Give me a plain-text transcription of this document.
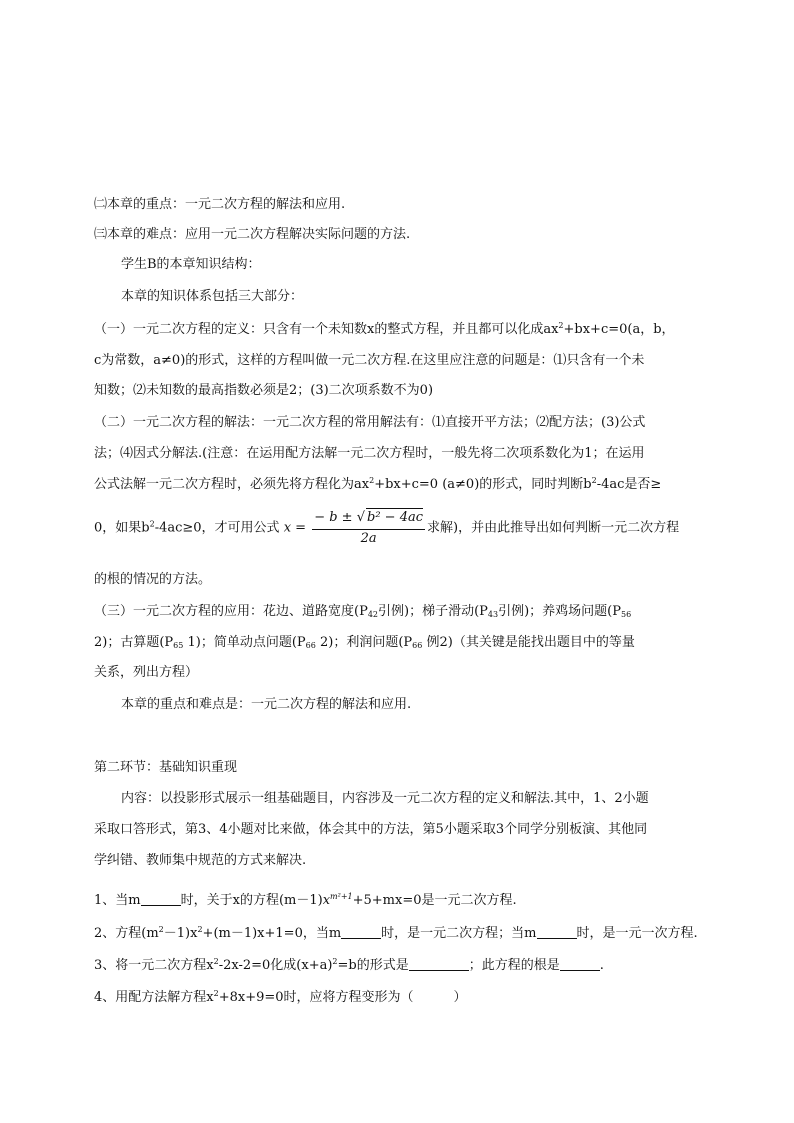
㈡本章的重点：一元二次方程的解法和应用.
㈢本章的难点：应用一元二次方程解决实际问题的方法.
学生B的本章知识结构：
本章的知识体系包括三大部分：
（一）一元二次方程的定义：只含有一个未知数x的整式方程，并且都可以化成$ax^2+bx+c=0(a$，b，
c为常数，a≠0)的形式，这样的方程叫做一元二次方程.在这里应注意的问题是：⑴只含有一个未
知数；⑵未知数的最高指数必须是2；(3)二次项系数不为0)
（二）一元二次方程的解法：一元二次方程的常用解法有：⑴直接开平方法；⑵配方法；(3)公式
法；⑷因式分解法.(注意：在运用配方法解一元二次方程时，一般先将二次项系数化为1；在运用
公式法解一元二次方程时，必须先将方程化为$ax^2+bx+c=0$ (a≠0)的形式，同时判断$b^2-4ac$是否≥
0，如果$b^2-4ac\ge 0$，才可用公式 $x = \frac{\text{− b ± √ b² − 4ac}}{2a}$ 求解)，并由此推导出如何判断一元二次方程
的根的情况的方法。
（三）一元二次方程的应用：花边、道路宽度($P_{42}$引例)；梯子滑动($P_{43}$引例)；养鸡场问题($P_{56}$
2)；古算题($P_{65}$ 1)；简单动点问题($P_{66}$ 2)；利润问题($P_{66}$ 例2)（其关键是能找出题目中的等量
关系，列出方程）
本章的重点和难点是：一元二次方程的解法和应用.
第二环节：基础知识重现
内容：以投影形式展示一组基础题目，内容涉及一元二次方程的定义和解法.其中，1、2小题
采取口答形式，第3、4小题对比来做，体会其中的方法，第5小题采取3个同学分别板演、其他同
学纠错、教师集中规范的方式来解决.
1、当m	时，关于x的方程$(m-1)x^{m^2+1}+5+mx=0$是一元二次方程.
2、方程$(m^2-1)x^2+(m-1)x+1=0$，当m	时，是一元二次方程；当m	时，是一元一次方程.
3、将一元二次方程$x^2-2x-2=0$化成$(x+a)^2=b$的形式是	；此方程的根是	.
4、用配方法解方程$x^2+8x+9=0$时，应将方程变形为（	）
